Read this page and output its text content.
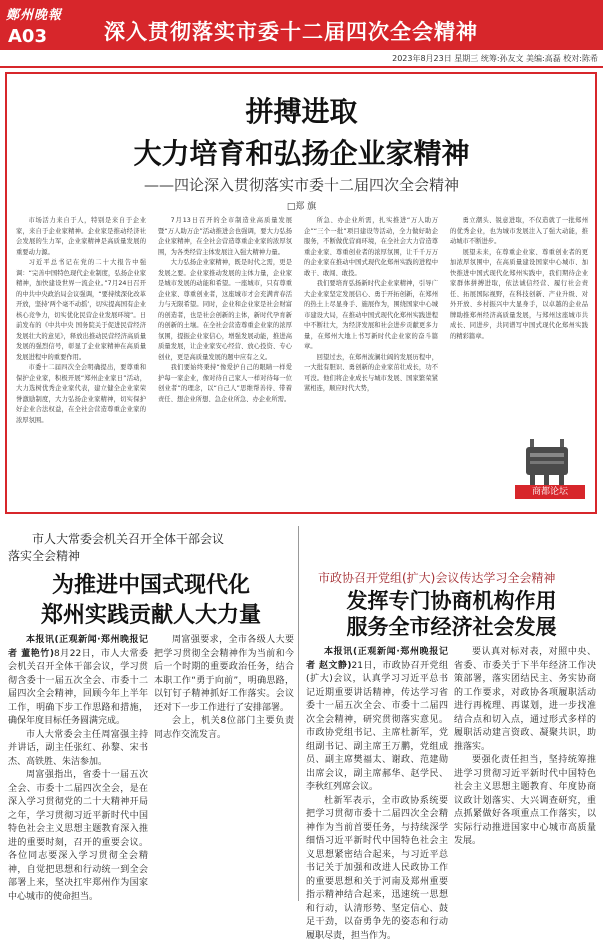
鄭州晚報
A03	深入贯彻落实市委十二届四次全会精神
2023年8月23日 星期三 统筹:孙友文 美编:高磊 校对:陈希
拼搏进取
大力培育和弘扬企业家精神
——四论深入贯彻落实市委十二届四次全会精神
□郑 旗

市场活力来自于人，特别是来自于企业家，来自于企业家精神。企业家是推动经济社会发展的生力军，企业家精神是高质量发展的重要动力源。

习近平总书记在党的二十大报告中强调：“完善中国特色现代企业制度，弘扬企业家精神，加快建设世界一流企业。”7月24日召开的中共中央政治局会议强调，“要持续深化改革开放，坚持‘两个毫不动摇’，切实提高国有企业核心竞争力，切实优化民营企业发展环境”。日前发布的《中共中央 国务院关于促进民营经济发展壮大的意见》，释放出推动民营经济高质量发展的强烈信号，彰显了企业家精神在高质量发展进程中的重要作用。

市委十二届四次全会明确提出，要尊重和保护企业家，积极开展“郑州企业家日”活动，大力选树优秀企业家代表，建立健全企业家荣誉激励制度，大力弘扬企业家精神，切实保护好企业合法权益，在全社会营造尊重企业家的浓厚氛围。

7月13日召开的全市制造业高质量发展暨“万人助万企”活动推进会也强调，要大力弘扬企业家精神，在全社会营造尊重企业家的浓厚氛围，为各类经营主体发展注入强大精神力量。

大力弘扬企业家精神，既是时代之需，更是发展之要。企业家推动发展的主体力量，企业家是城市发展的动能和希望。一座城市，只有尊重企业家、尊重创业者，这座城市才会充满青春活力与无限希望。同时，企业和企业家是社会财富的创造者，也是社会创新的主体，新时代孕育新的创新的土壤。在全社会营造尊重企业家的浓厚氛围，提振企业家信心，增强发展动能，推进高质量发展，让企业家安心经营、放心投资、专心创业，更是高质量发展的题中应有之义。

我们要始终秉持“像爱护自己的眼睛一样爱护每一家企业，像对待自己家人一样对待每一位创业者”的理念，以“自己人”思维帮善待、带着责任、想企业所想、急企业所急、办企业所需。

所急、办企业所需，扎实推进“万人助万企”“三个一批”项目建设等活动，全力做好助企服务，不断做优营商环境，在全社会大力营造尊重企业家、尊重创业者的浓厚氛围，让千千万万的企业家在推动中国式现代化郑州实践的进程中敢干、敢闯、敢投。

我们要培育弘扬新时代企业家精神，引导广大企业家坚定发展信心、勇于开拓创新，在郑州的热土上尽显身手、施展作为，围绕国家中心城市建设大局，在推动中国式现代化郑州实践进程中不断壮大，为经济发展和社会进步贡献更多力量，在郑州大地上书写新时代企业家的奋斗篇章。

回望过去，在郑州波澜壮阔的发展历程中，一大批有胆识、勇创新的企业家茁壮成长，功不可没。他们将企业成长与城市发展、国家繁荣紧紧相连，顺应时代大势，

勇立潮头、锐意进取，不仅造就了一批郑州的优秀企业，也为城市发展注入了强大动能，推动城市不断进步。

展望未来，在尊重企业家、尊重创业者的更加浓厚氛围中，在高质量建设国家中心城市、加快推进中国式现代化郑州实践中，我们期待企业家群体拼搏进取，依法诚信经营、履行社会责任、拓展国际视野，在科技创新、产业升级、对外开放、乡村振兴中大显身手，以卓越的企业品牌助推郑州经济高质量发展，与郑州这座城市共成长、同进步，共同谱写中国式现代化郑州实践的精彩篇章。

商都论坛
市人大常委会机关召开全体干部会议
落实全会精神
为推进中国式现代化
郑州实践贡献人大力量

本报讯(正观新闻·郑州晚报记者 董艳竹)8月22日，市人大常委会机关召开全体干部会议，学习贯彻含委十一届五次全会、市委十二届四次全会精神，回顾今年上半年工作，明确下步工作思路和措施，确保年度目标任务圆满完成。

市人大常委会主任周富强主持并讲话，副主任张红、孙黎、宋书杰、高铁胜、朱洁参加。

周富强指出，省委十一届五次全会、市委十二届四次全会，是在深入学习贯彻党的二十大精神开局之年，学习贯彻习近平新时代中国特色社会主义思想主题教育深入推进的重要时刻，召开的重要会议。各位同志要深入学习贯彻全会精神，自觉把思想和行动统一到全会部署上来，坚决扛牢郑州作为国家中心城市的使命担当。

周富强要求，全市各级人大要把学习贯彻全会精神作为当前和今后一个时期的重要政治任务，结合本职工作“勇于向前”，明确思路，以钉钉子精神抓好工作落实。会议还对下一步工作进行了安排部署。

会上，机关8位部门主要负责同志作交流发言。

市政协召开党组(扩大)会议传达学习全会精神
发挥专门协商机构作用
服务全市经济社会发展

本报讯(正观新闻·郑州晚报记者 赵文静)21日，市政协召开党组(扩大)会议，认真学习习近平总书记近期重要讲话精神，传达学习省委十一届五次全会、市委十二届四次全会精神，研究贯彻落实意见。市政协党组书记、主席杜新军，党组副书记、副主席王万鹏，党组成员、副主席樊福太、谢政、范建勋出席会议，副主席郝华、赵学民、李秋红列席会议。

杜新军表示，全市政协系统要把学习贯彻市委十二届四次全会精神作为当前首要任务，与持续深学细悟习近平新时代中国特色社会主义思想紧密结合起来，与习近平总书记关于加强和改进人民政协工作的重要思想和关于河南及郑州重要指示精神结合起来，迅速统一思想和行动，认清形势、坚定信心、鼓足干劲，以奋勇争先的姿态和行动履职尽责，担当作为。

要认真对标对表，对照中央、省委、市委关于下半年经济工作决策部署，落实团结民主、务实协商的工作要求，对政协各项履职活动进行再梳理、再谋划，进一步找准结合点和切入点，通过形式多样的履职活动建言资政、凝聚共识，助推落实。

要强化责任担当，坚持统筹推进学习贯彻习近平新时代中国特色社会主义思想主题教育、年度协商议政计划落实、大兴调查研究，重点抓紧做好各项重点工作落实，以实际行动推进国家中心城市高质量发展。
